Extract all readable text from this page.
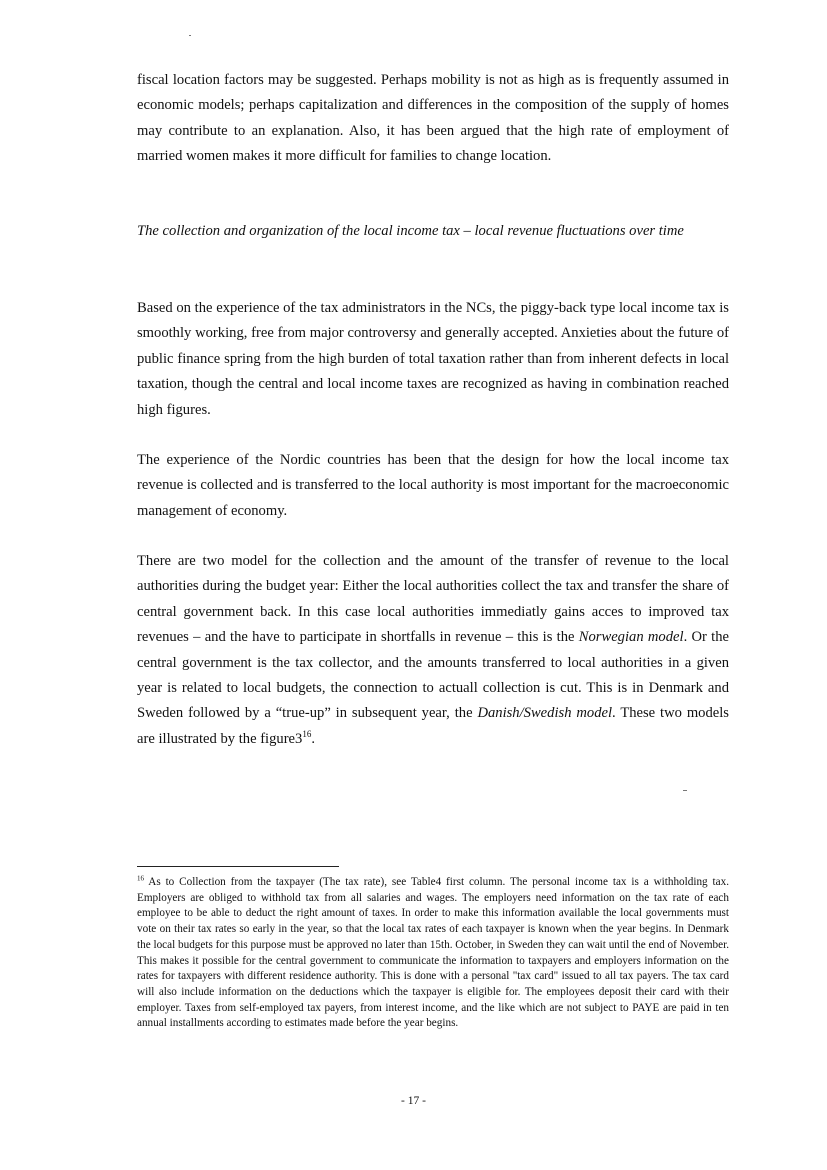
fiscal location factors may be suggested. Perhaps mobility is not as high as is frequently assumed in economic models; perhaps capitalization and differences in the composition of the supply of homes may contribute to an explanation. Also, it has been argued that the high rate of employment of married women makes it more difficult for families to change location.

The collection and organization of the local income tax – local revenue fluctuations over time

Based on the experience of the tax administrators in the NCs, the piggy-back type local income tax is smoothly working, free from major controversy and generally accepted. Anxieties about the future of public finance spring from the high burden of total taxation rather than from inherent defects in local taxation, though the central and local income taxes are recognized as having in combination reached high figures.

The experience of the Nordic countries has been that the design for how the local income tax revenue is collected and is transferred to the local authority is most important for the macroeconomic management of economy.

There are two model for the collection and the amount of the transfer of revenue to the local authorities during the budget year: Either the local authorities collect the tax and transfer the share of central government back. In this case local authorities immediatly gains acces to improved tax revenues – and the have to participate in shortfalls in revenue – this is the Norwegian model. Or the central government is the tax collector, and the amounts transferred to local authorities in a given year is related to local budgets, the connection to actuall collection is cut. This is in Denmark and Sweden followed by a “true-up” in subsequent year, the Danish/Swedish model. These two models are illustrated by the $figure3^{16}$.

$^{16}$ As to Collection from the taxpayer (The tax rate), see Table4 first column. The personal income tax is a withholding tax. Employers are obliged to withhold tax from all salaries and wages. The employers need information on the tax rate of each employee to be able to deduct the right amount of taxes. In order to make this information available the local governments must vote on their tax rates so early in the year, so that the local tax rates of each taxpayer is known when the year begins. In Denmark the local budgets for this purpose must be approved no later than 15th. October, in Sweden they can wait until the end of November. This makes it possible for the central government to communicate the information to taxpayers and employers information on the rates for taxpayers with different residence authority. This is done with a personal "tax card" issued to all tax payers. The tax card will also include information on the deductions which the taxpayer is eligible for. The employees deposit their card with their employer. Taxes from self-employed tax payers, from interest income, and the like which are not subject to PAYE are paid in ten annual installments according to estimates made before the year begins.

- 17 -
